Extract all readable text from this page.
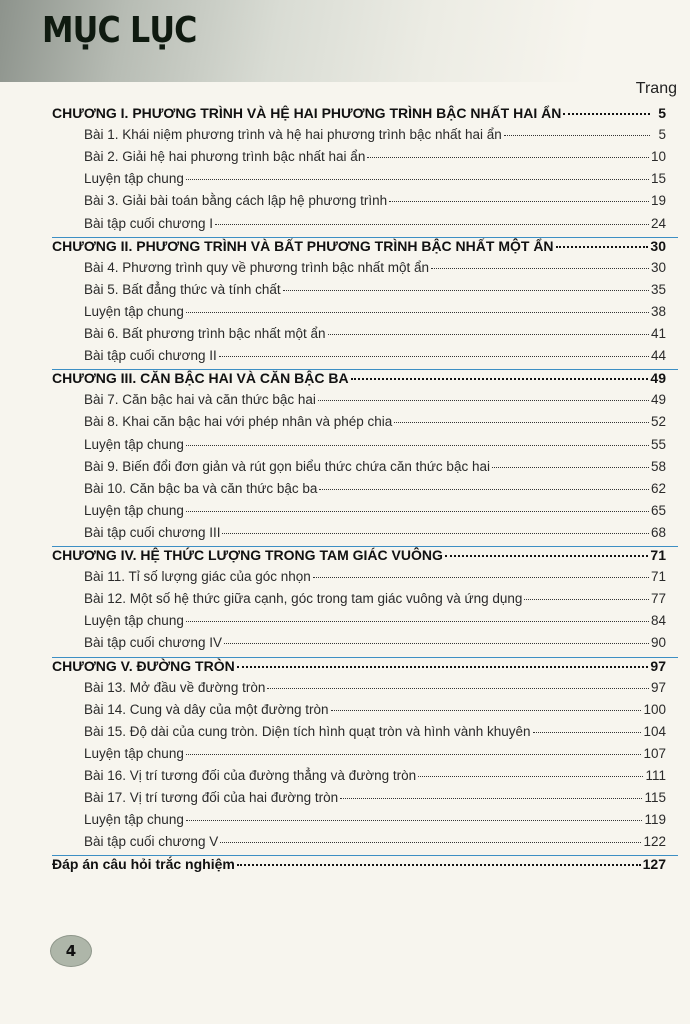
MỤC LỤC
Trang
CHƯƠNG I. PHƯƠNG TRÌNH VÀ HỆ HAI PHƯƠNG TRÌNH BẬC NHẤT HAI ẨN	5
Bài 1. Khái niệm phương trình và hệ hai phương trình bậc nhất hai ẩn	5
Bài 2. Giải hệ hai phương trình bậc nhất hai ẩn	10
Luyện tập chung	15
Bài 3. Giải bài toán bằng cách lập hệ phương trình	19
Bài tập cuối chương I	24
CHƯƠNG II. PHƯƠNG TRÌNH VÀ BẤT PHƯƠNG TRÌNH BẬC NHẤT MỘT ẨN	30
Bài 4. Phương trình quy về phương trình bậc nhất một ẩn	30
Bài 5. Bất đẳng thức và tính chất	35
Luyện tập chung	38
Bài 6. Bất phương trình bậc nhất một ẩn	41
Bài tập cuối chương II	44
CHƯƠNG III. CĂN BẬC HAI VÀ CĂN BẬC BA	49
Bài 7. Căn bậc hai và căn thức bậc hai	49
Bài 8. Khai căn bậc hai với phép nhân và phép chia	52
Luyện tập chung	55
Bài 9. Biến đổi đơn giản và rút gọn biểu thức chứa căn thức bậc hai	58
Bài 10. Căn bậc ba và căn thức bậc ba	62
Luyện tập chung	65
Bài tập cuối chương III	68
CHƯƠNG IV. HỆ THỨC LƯỢNG TRONG TAM GIÁC VUÔNG	71
Bài 11. Tỉ số lượng giác của góc nhọn	71
Bài 12. Một số hệ thức giữa cạnh, góc trong tam giác vuông và ứng dụng	77
Luyện tập chung	84
Bài tập cuối chương IV	90
CHƯƠNG V. ĐƯỜNG TRÒN	97
Bài 13. Mở đầu về đường tròn	97
Bài 14. Cung và dây của một đường tròn	100
Bài 15. Độ dài của cung tròn. Diện tích hình quạt tròn và hình vành khuyên	104
Luyện tập chung	107
Bài 16. Vị trí tương đối của đường thẳng và đường tròn	111
Bài 17. Vị trí tương đối của hai đường tròn	115
Luyện tập chung	119
Bài tập cuối chương V	122
Đáp án câu hỏi trắc nghiệm	127
4
